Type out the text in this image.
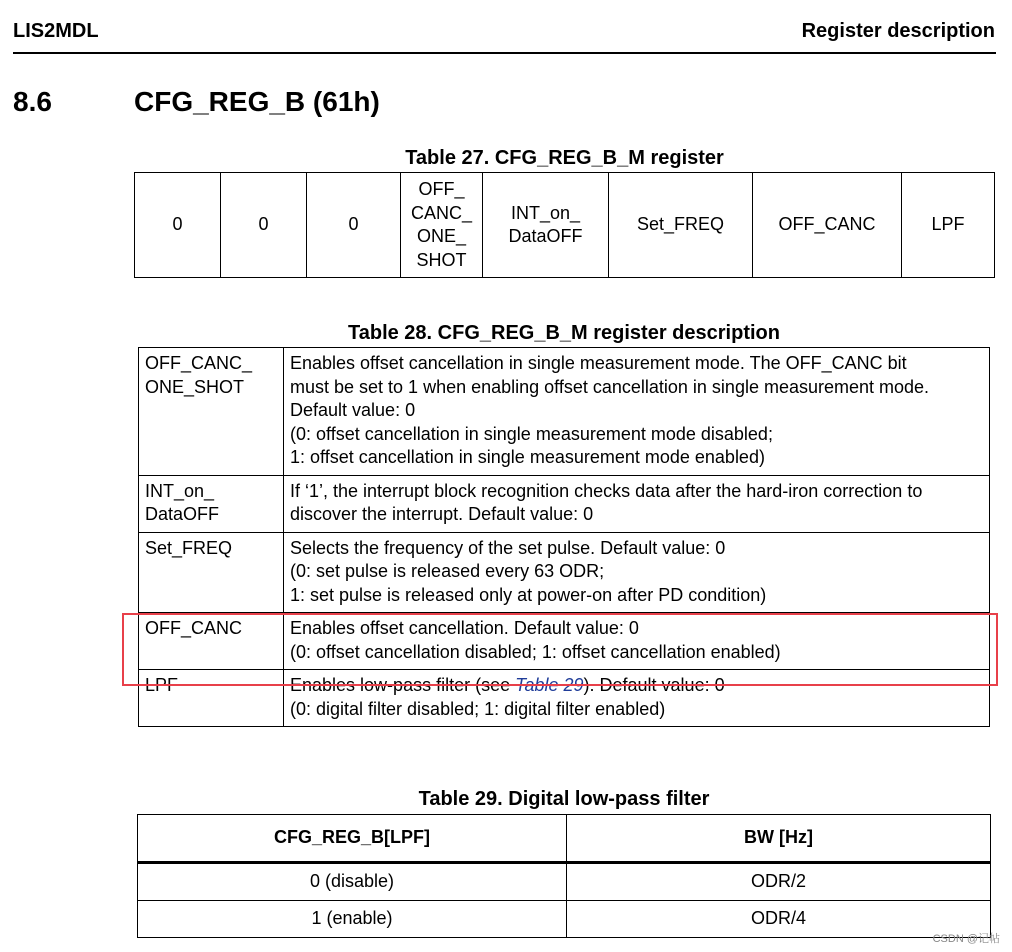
LIS2MDL	Register description
8.6	CFG_REG_B (61h)
Table 27. CFG_REG_B_M register
0	0	0	OFF_
CANC_
ONE_
SHOT	INT_on_
DataOFF	Set_FREQ	OFF_CANC	LPF
Table 28. CFG_REG_B_M register description
OFF_CANC_
ONE_SHOT	Enables offset cancellation in single measurement mode. The OFF_CANC bit
must be set to 1 when enabling offset cancellation in single measurement mode.
Default value: 0
(0: offset cancellation in single measurement mode disabled;
1: offset cancellation in single measurement mode enabled)
INT_on_
DataOFF	If ‘1’, the interrupt block recognition checks data after the hard-iron correction to
discover the interrupt. Default value: 0
Set_FREQ	Selects the frequency of the set pulse. Default value: 0
(0: set pulse is released every 63 ODR;
1: set pulse is released only at power-on after PD condition)
OFF_CANC	Enables offset cancellation. Default value: 0
(0: offset cancellation disabled; 1: offset cancellation enabled)
LPF	Enables low-pass filter (see Table 29). Default value: 0
(0: digital filter disabled; 1: digital filter enabled)
Table 29. Digital low-pass filter
CFG_REG_B[LPF]	BW [Hz]
0 (disable)	ODR/2
1 (enable)	ODR/4
CSDN @记帖
